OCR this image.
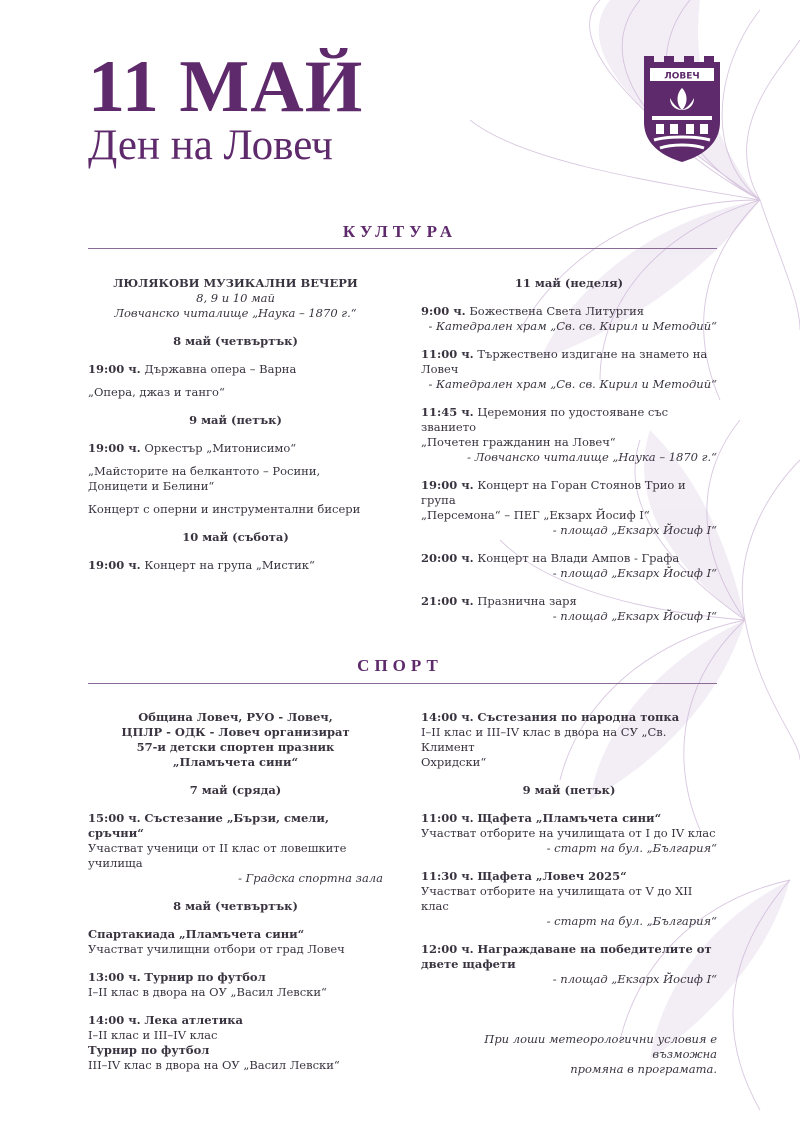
11 МАЙ
Ден на Ловеч
ЛОВЕЧ
КУЛТУРА

ЛЮЛЯКОВИ МУЗИКАЛНИ ВЕЧЕРИ

8, 9 и 10 май

Ловчанско читалище „Наука – 1870 г.“

8 май (четвъртък)

19:00 ч. Държавна опера – Варна

„Опера, джаз и танго“

9 май (петък)

19:00 ч. Оркестър „Митонисимо“

„Майсторите на белкантото – Росини,

Доницети и Белини“

Концерт с оперни и инструментални бисери

10 май (събота)

19:00 ч. Концерт на група „Мистик“

11 май (неделя)

9:00 ч. Божествена Света Литургия

- Катедрален храм „Св. св. Кирил и Методий“

11:00 ч. Тържествено издигане на знамето на

Ловеч

- Катедрален храм „Св. св. Кирил и Методий“

11:45 ч. Церемония по удостояване със званието

„Почетен гражданин на Ловеч“

- Ловчанско читалище „Наука – 1870 г.“

19:00 ч. Концерт на Горан Стоянов Трио и група

„Персемона“ – ПЕГ „Екзарх Йосиф I“

- площад „Екзарх Йосиф I“

20:00 ч. Концерт на Влади Ампов - Графа

- площад „Екзарх Йосиф I“

21:00 ч. Празнична заря

- площад „Екзарх Йосиф I“

СПОРТ

Община Ловеч, РУО - Ловеч,

ЦПЛР - ОДК - Ловеч организират

57-и детски спортен празник

„Пламъчета сини“

7 май (сряда)

15:00 ч. Състезание „Бързи, смели, сръчни“

Участват ученици от II клас от ловешките

училища

- Градска спортна зала

8 май (четвъртък)

Спартакиада „Пламъчета сини“

Участват училищни отбори от град Ловеч

13:00 ч. Турнир по футбол

I–II клас в двора на ОУ „Васил Левски“

14:00 ч. Лека атлетика

I–II клас и III–IV клас

Турнир по футбол

III–IV клас в двора на ОУ „Васил Левски“

14:00 ч. Състезания по народна топка

I–II клас и III–IV клас в двора на СУ „Св. Климент

Охридски“

9 май (петък)

11:00 ч. Щафета „Пламъчета сини“

Участват отборите на училищата от I до IV клас

- старт на бул. „България“

11:30 ч. Щафета „Ловеч 2025“

Участват отборите на училищата от V до XII клас

- старт на бул. „България“

12:00 ч. Награждаване на победителите от

двете щафети

- площад „Екзарх Йосиф I“

При лоши метеорологични условия е възможна

промяна в програмата.
